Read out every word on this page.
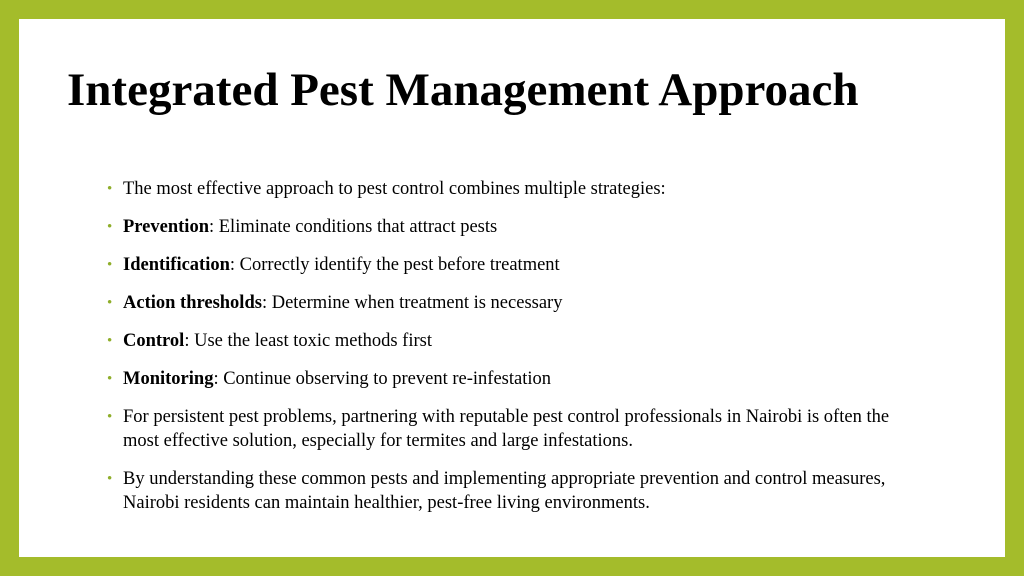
Integrated Pest Management Approach
• The most effective approach to pest control combines multiple strategies:
• Prevention: Eliminate conditions that attract pests
• Identification: Correctly identify the pest before treatment
• Action thresholds: Determine when treatment is necessary
• Control: Use the least toxic methods first
• Monitoring: Continue observing to prevent re-infestation
• For persistent pest problems, partnering with reputable pest control professionals in Nairobi is often the most effective solution, especially for termites and large infestations.
• By understanding these common pests and implementing appropriate prevention and control measures, Nairobi residents can maintain healthier, pest-free living environments.
